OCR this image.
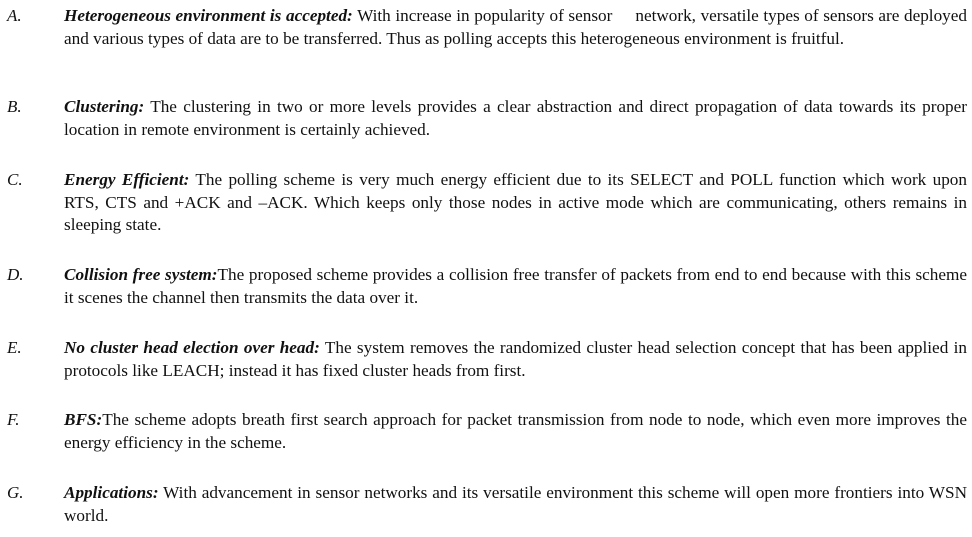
A. Heterogeneous environment is accepted: With increase in popularity of sensor     network, versatile types of sensors are deployed and various types of data are to be transferred. Thus as polling accepts this heterogeneous environment is fruitful.

B. Clustering: The clustering in two or more levels provides a clear abstraction and direct propagation of data towards its proper location in remote environment is certainly achieved.

C. Energy Efficient: The polling scheme is very much energy efficient due to its SELECT and POLL function which work upon RTS, CTS and +ACK and –ACK. Which keeps only those nodes in active mode which are communicating, others remains in sleeping state.

D. Collision free system:The proposed scheme provides a collision free transfer of packets from end to end because with this scheme it scenes the channel then transmits the data over it.

E. No cluster head election over head: The system removes the randomized cluster head selection concept that has been applied in protocols like LEACH; instead it has fixed cluster heads from first.

F.	BFS:The scheme adopts breath first search approach for packet transmission from node to node, which even more improves the energy efficiency in the scheme.

G. Applications: With advancement in sensor networks and its versatile environment this scheme will open more frontiers into WSN world.
